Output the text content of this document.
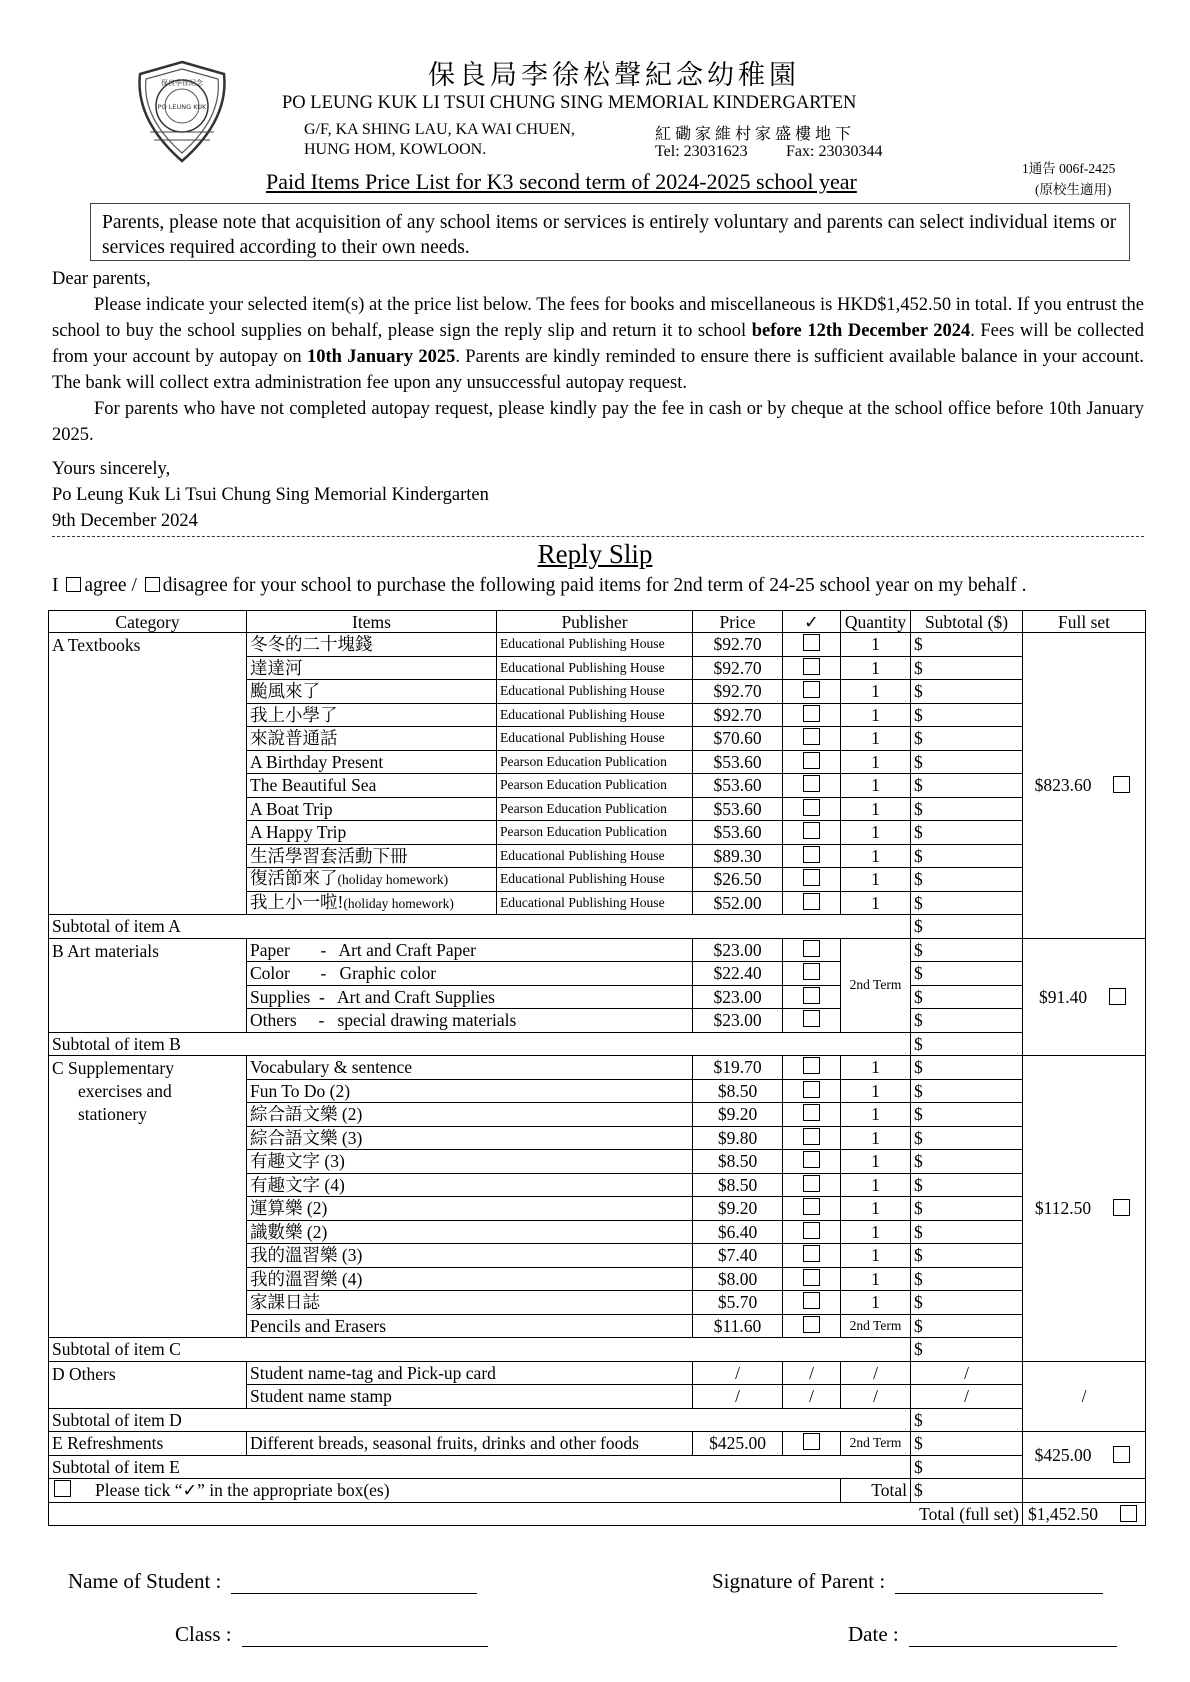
保良李徐紀念
PO LEUNG KUK
保良局李徐松聲紀念幼稚園
PO LEUNG KUK LI TSUI CHUNG SING MEMORIAL KINDERGARTEN
G/F, KA SHING LAU, KA WAI CHUEN,
HUNG HOM, KOWLOON.
紅 磡 家 維 村 家 盛 樓 地 下
Tel: 23031623 Fax: 23030344
1通告 006f-2425
(原校生適用)
Paid Items Price List for K3 second term of 2024-2025 school year
Parents, please note that acquisition of any school items or services is entirely voluntary and parents can select individual items or services required according to their own needs.

Dear parents,

Please indicate your selected item(s) at the price list below. The fees for books and miscellaneous is HKD$1,452.50 in total. If you entrust the school to buy the school supplies on behalf, please sign the reply slip and return it to school before 12th December 2024. Fees will be collected from your account by autopay on 10th January 2025. Parents are kindly reminded to ensure there is sufficient available balance in your account. The bank will collect extra administration fee upon any unsuccessful autopay request.

For parents who have not completed autopay request, please kindly pay the fee in cash or by cheque at the school office before 10th January 2025.

Yours sincerely,

Po Leung Kuk Li Tsui Chung Sing Memorial Kindergarten

9th December 2024

Reply Slip
I agree / disagree for your school to purchase the following paid items for 2nd term of 24-25 school year on my behalf .
Category	Items	Publisher	Price	✓	Quantity	Subtotal ($)	Full set
A Textbooks	冬冬的二十塊錢	Educational Publishing House	$92.70		1	$	$823.60
	達達河	Educational Publishing House	$92.70		1	$	
	颱風來了	Educational Publishing House	$92.70		1	$	
	我上小學了	Educational Publishing House	$92.70		1	$	
	來說普通話	Educational Publishing House	$70.60		1	$	
	A Birthday Present	Pearson Education Publication	$53.60		1	$	
	The Beautiful Sea	Pearson Education Publication	$53.60		1	$	
	A Boat Trip	Pearson Education Publication	$53.60		1	$	
	A Happy Trip	Pearson Education Publication	$53.60		1	$	
	生活學習套活動下冊	Educational Publishing House	$89.30		1	$	
	復活節來了(holiday homework)	Educational Publishing House	$26.50		1	$	
	我上小一啦!(holiday homework)	Educational Publishing House	$52.00		1	$	
Subtotal of item A						$	
B Art materials	Paper       -   Art and Craft Paper		$23.00		2nd Term	$	$91.40
	Color       -   Graphic color		$22.40			$	
	Supplies  -   Art and Craft Supplies		$23.00			$	
	Others     -   special drawing materials		$23.00			$	
Subtotal of item B						$	

C Supplementary
exercises and
stationery	Vocabulary & sentence		$19.70		1	$	$112.50
	Fun To Do (2)		$8.50		1	$	
	綜合語文樂 (2)		$9.20		1	$	
	綜合語文樂 (3)		$9.80		1	$	
	有趣文字 (3)		$8.50		1	$	
	有趣文字 (4)		$8.50		1	$	
	運算樂 (2)		$9.20		1	$	
	識數樂 (2)		$6.40		1	$	
	我的溫習樂 (3)		$7.40		1	$	
	我的溫習樂 (4)		$8.00		1	$	
	家課日誌		$5.70		1	$	
	Pencils and Erasers		$11.60		2nd Term	$	
Subtotal of item C						$	
D Others	Student name-tag and Pick-up card		/	/	/	/	/
	Student name stamp		/	/	/	/	
Subtotal of item D						$	
E Refreshments	Different breads, seasonal fruits, drinks and other foods		$425.00		2nd Term	$	$425.00
Subtotal of item E						$	
Please tick “✓” in the appropriate box(es)					Total	$	
Total (full set)							$1,452.50
Name of Student :	Signature of Parent :
Class :	Date :
